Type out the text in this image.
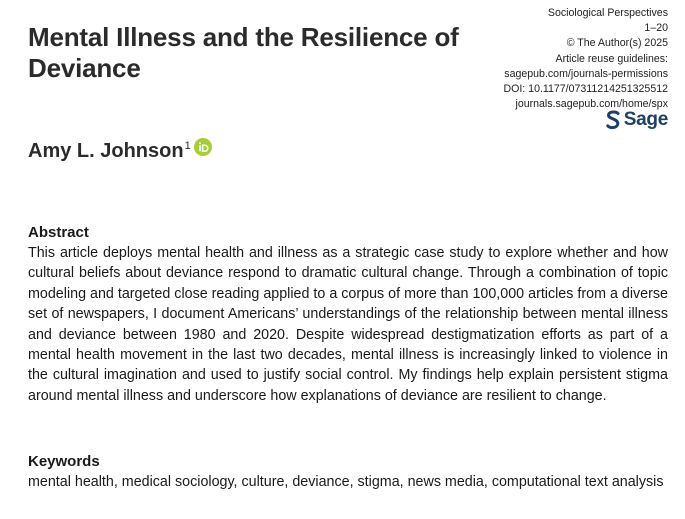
Mental Illness and the Resilience of Deviance
Sociological Perspectives
1–20
© The Author(s) 2025
Article reuse guidelines:
sagepub.com/journals-permissions
DOI: 10.1177/07311214251325512
journals.sagepub.com/home/spx
Sage
Amy L. Johnson$^1$
Abstract

This article deploys mental health and illness as a strategic case study to explore whether and how cultural beliefs about deviance respond to dramatic cultural change. Through a combination of topic modeling and targeted close reading applied to a corpus of more than 100,000 articles from a diverse set of newspapers, I document Americans’ understandings of the relationship between mental illness and deviance between 1980 and 2020. Despite widespread destigmatization efforts as part of a mental health movement in the last two decades, mental illness is increasingly linked to violence in the cultural imagination and used to justify social control. My findings help explain persistent stigma around mental illness and underscore how explanations of deviance are resilient to change.

Keywords

mental health, medical sociology, culture, deviance, stigma, news media, computational text analysis
